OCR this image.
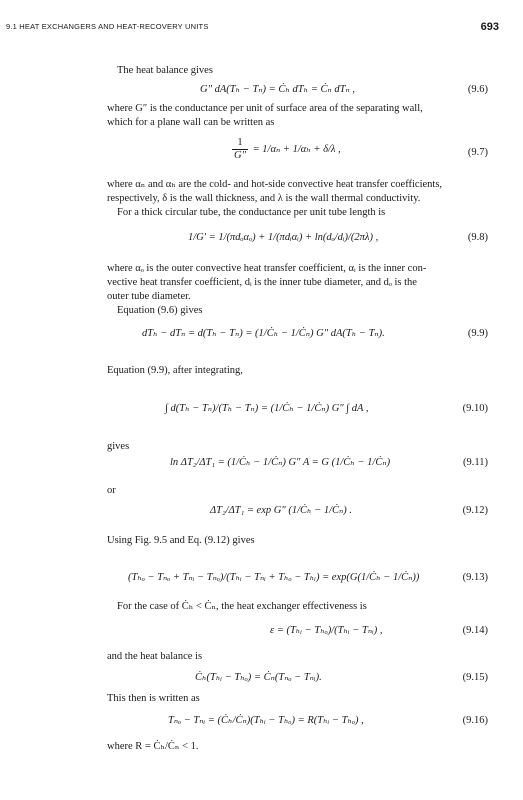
9.1 HEAT EXCHANGERS AND HEAT-RECOVERY UNITS	693
The heat balance gives
G″ dA(Tₕ − Tₙ) = Ċₕ dTₕ = Ċₙ dTₙ ,	(9.6)
where G″ is the conductance per unit of surface area of the separating wall,
which for a plane wall can be written as
$\frac{1}{G''} = 1/\alpha_n + 1/\alpha_h + \delta/\lambda$ ,	(9.7)
where αₙ and αₕ are the cold- and hot-side convective heat transfer coefficients,
respectively, δ is the wall thickness, and λ is the wall thermal conductivity.
For a thick circular tube, the conductance per unit tube length is
1/G′ = 1/(πdₒαₒ) + 1/(πdᵢαᵢ) + ln(dₒ/dᵢ)/(2πλ) ,	(9.8)
where αₒ is the outer convective heat transfer coefficient, αᵢ is the inner con-
vective heat transfer coefficient, dᵢ is the inner tube diameter, and dₒ is the
outer tube diameter.
Equation (9.6) gives
dTₕ − dTₙ = d(Tₕ − Tₙ) = (1/Ċₕ − 1/Ċₙ) G″ dA(Tₕ − Tₙ).	(9.9)
Equation (9.9), after integrating,
∫ d(Tₕ − Tₙ)/(Tₕ − Tₙ) = (1/Ċₕ − 1/Ċₙ) G″ ∫ dA ,	(9.10)
gives
ln ΔT₂/ΔT₁ = (1/Ċₕ − 1/Ċₙ) G″ A = G (1/Ċₕ − 1/Ċₙ)	(9.11)
or
ΔT₂/ΔT₁ = exp G″ (1/Ċₕ − 1/Ċₙ) .	(9.12)
Using Fig. 9.5 and Eq. (9.12) gives
(Tₕₒ − Tₙₒ + Tₙᵢ − Tₙₒ)/(Tₕᵢ − Tₙᵢ + Tₕₒ − Tₕᵢ) = exp(G(1/Ċₕ − 1/Ċₙ))	(9.13)
For the case of Ċₕ < Ċₙ, the heat exchanger effectiveness is
ε = (Tₕᵢ − Tₕₒ)/(Tₕᵢ − Tₙᵢ) ,	(9.14)
and the heat balance is
Ċₕ(Tₕᵢ − Tₕₒ) = Ċₙ(Tₙₒ − Tₙᵢ).	(9.15)
This then is written as
Tₙₒ − Tₙᵢ = (Ċₕ/Ċₙ)(Tₕᵢ − Tₕₒ) = R(Tₕᵢ − Tₕₒ) ,	(9.16)
where R = Ċₕ/Ċₙ < 1.
